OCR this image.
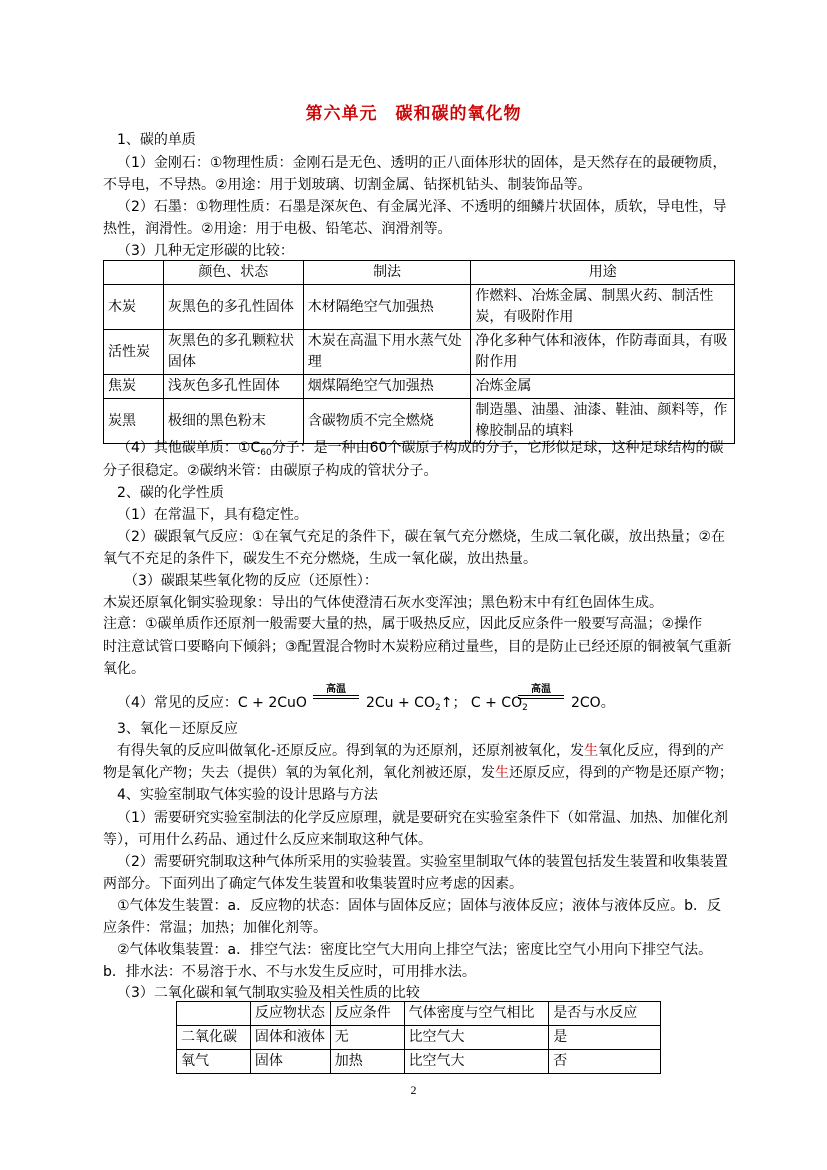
第六单元　碳和碳的氧化物
1、碳的单质
（1）金刚石：①物理性质：金刚石是无色、透明的正八面体形状的固体，是天然存在的最硬物质，
不导电，不导热。②用途：用于划玻璃、切割金属、钻探机钻头、制装饰品等。
（2）石墨：①物理性质：石墨是深灰色、有金属光泽、不透明的细鳞片状固体，质软，导电性，导
热性，润滑性。②用途：用于电极、铅笔芯、润滑剂等。
（3）几种无定形碳的比较：
	颜色、状态	制法	用途
木炭	灰黑色的多孔性固体	木材隔绝空气加强热	作燃料、冶炼金属、制黑火药、制活性炭，有吸附作用
活性炭	灰黑色的多孔颗粒状固体	木炭在高温下用水蒸气处理	净化多种气体和液体，作防毒面具，有吸附作用
焦炭	浅灰色多孔性固体	烟煤隔绝空气加强热	冶炼金属
炭黑	极细的黑色粉末	含碳物质不完全燃烧	制造墨、油墨、油漆、鞋油、颜料等，作橡胶制品的填料
（4）其他碳单质：$①C_{60}$分子：是一种由60个碳原子构成的分子，它形似足球，这种足球结构的碳
分子很稳定。②碳纳米管：由碳原子构成的管状分子。
2、碳的化学性质
（1）在常温下，具有稳定性。
（2）碳跟氧气反应：①在氧气充足的条件下，碳在氧气充分燃烧，生成二氧化碳，放出热量；②在
氧气不充足的条件下，碳发生不充分燃烧，生成一氧化碳，放出热量。
（3）碳跟某些氧化物的反应（还原性）：
木炭还原氧化铜实验现象：导出的气体使澄清石灰水变浑浊；黑色粉末中有红色固体生成。
注意：①碳单质作还原剂一般需要大量的热，属于吸热反应，因此反应条件一般要写高温；②操作
时注意试管口要略向下倾斜；③配置混合物时木炭粉应稍过量些，目的是防止已经还原的铜被氧气重新
氧化。
（4）常见的反应：C + 2CuO
高温
$2Cu + CO_2↑$； $C + CO_2$
高温
2CO。
3、氧化－还原反应
有得失氧的反应叫做氧化-还原反应。得到氧的为还原剂，还原剂被氧化，发生氧化反应，得到的产
物是氧化产物；失去（提供）氧的为氧化剂，氧化剂被还原，发生还原反应，得到的产物是还原产物；
4、实验室制取气体实验的设计思路与方法
（1）需要研究实验室制法的化学反应原理，就是要研究在实验室条件下（如常温、加热、加催化剂
等），可用什么药品、通过什么反应来制取这种气体。
（2）需要研究制取这种气体所采用的实验装置。实验室里制取气体的装置包括发生装置和收集装置
两部分。下面列出了确定气体发生装置和收集装置时应考虑的因素。
①气体发生装置：a．反应物的状态：固体与固体反应；固体与液体反应；液体与液体反应。b．反
应条件：常温；加热；加催化剂等。
②气体收集装置：a．排空气法：密度比空气大用向上排空气法；密度比空气小用向下排空气法。
b．排水法：不易溶于水、不与水发生反应时，可用排水法。
（3）二氧化碳和氧气制取实验及相关性质的比较
	反应物状态	反应条件	气体密度与空气相比	是否与水反应
二氧化碳	固体和液体	无	比空气大	是
氧气	固体	加热	比空气大	否
2
